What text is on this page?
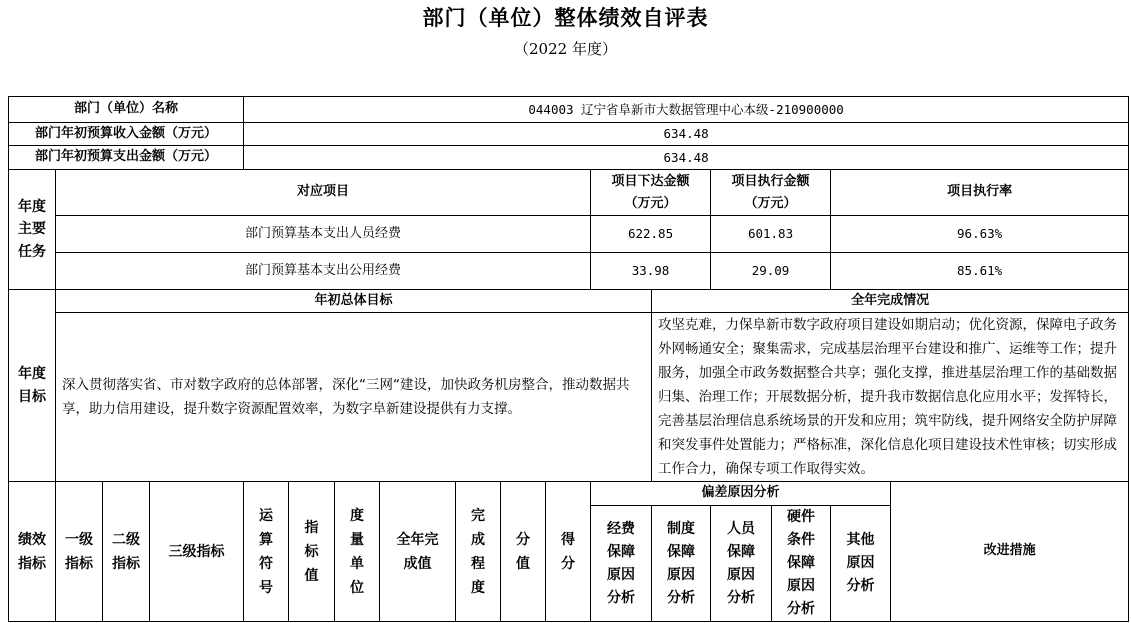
部门（单位）整体绩效自评表
（2022 年度）
部门（单位）名称				044003 辽宁省阜新市大数据管理中心本级-210900000													
部门年初预算收入金额（万元）				634.48													
部门年初预算支出金额（万元）				634.48													
年度主要任务	对应项目										项目下达金额（万元）		项目执行金额（万元）		项目执行率		
	部门预算基本支出人员经费										622.85		601.83		96.63%		
	部门预算基本支出公用经费										33.98		29.09		85.61%		
年度目标	年初总体目标											全年完成情况					
	深入贯彻落实省、市对数字政府的总体部署，深化“三网“建设，加快政务机房整合，推动数据共享，助力信用建设，提升数字资源配置效率，为数字阜新建设提供有力支撑。											攻坚克难，力保阜新市数字政府项目建设如期启动；优化资源，保障电子政务外网畅通安全；聚集需求，完成基层治理平台建设和推广、运维等工作；提升服务，加强全市政务数据整合共享；强化支撑，推进基层治理工作的基础数据归集、治理工作；开展数据分析，提升我市数据信息化应用水平；发挥特长，完善基层治理信息系统场景的开发和应用；筑牢防线，提升网络安全防护屏障和突发事件处置能力；严格标准，深化信息化项目建设技术性审核；切实形成工作合力，确保专项工作取得实效。					
绩效指标	一级指标	二级指标	三级指标	运算符号	指标值	度量单位	全年完成值	完成程度	分值	得分	偏差原因分析					改进措施	
											经费保障原因分析	制度保障原因分析	人员保障原因分析	硬件条件保障原因分析	其他原因分析		
